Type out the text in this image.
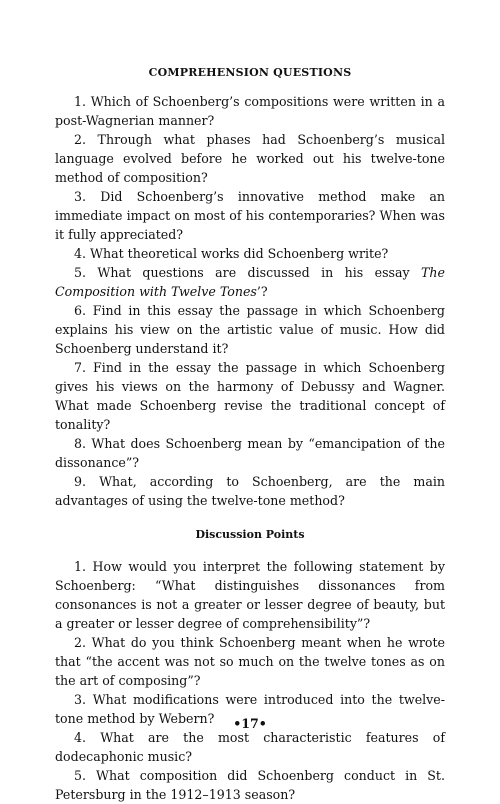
COMPREHENSION QUESTIONS

1. Which of Schoenberg’s compositions were written in a post-Wagnerian manner?

2. Through what phases had Schoenberg’s musical language evolved before he worked out his twelve-tone method of composition?

3. Did Schoenberg’s innovative method make an immediate impact on most of his contemporaries? When was it fully appreciated?

4. What theoretical works did Schoenberg write?

5. What questions are discussed in his essay The Composition with Twelve Tones’?

6. Find in this essay the passage in which Schoenberg explains his view on the artistic value of music. How did Schoenberg understand it?

7. Find in the essay the passage in which Schoenberg gives his views on the harmony of Debussy and Wagner. What made Schoenberg revise the traditional concept of tonality?

8. What does Schoenberg mean by “emancipation of the dissonance”?

9. What, according to Schoenberg, are the main advantages of using the twelve-tone method?

Discussion Points

1. How would you interpret the following statement by Schoenberg: “What distinguishes dissonances from consonances is not a greater or lesser degree of beauty, but a greater or lesser degree of comprehensibility”?

2. What do you think Schoenberg meant when he wrote that “the accent was not so much on the twelve tones as on the art of composing”?

3. What modifications were introduced into the twelve-tone method by Webern?

4. What are the most characteristic features of dodecaphonic music?

5. What composition did Schoenberg conduct in St. Petersburg in the 1912–1913 season?

•17•
